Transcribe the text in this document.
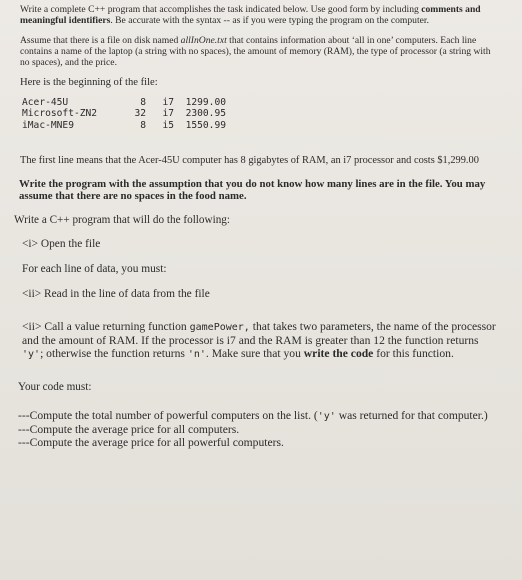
Write a complete C++ program that accomplishes the task indicated below. Use good form by including comments and meaningful identifiers. Be accurate with the syntax -- as if you were typing the program on the computer.

Assume that there is a file on disk named allInOne.txt that contains information about ‘all in one’ computers. Each line contains a name of the laptop (a string with no spaces), the amount of memory (RAM), the type of processor (a string with no spaces), and the price.

Here is the beginning of the file:

Acer-45U	8	i7	1299.00
Microsoft-ZN2	32	i7	2300.95
iMac-MNE9	8	i5	1550.99

The first line means that the Acer-45U computer has 8 gigabytes of RAM, an i7 processor and costs $1,299.00

Write the program with the assumption that you do not know how many lines are in the file. You may assume that there are no spaces in the food name.

Write a C++ program that will do the following:

<i> Open the file

For each line of data, you must:

<ii> Read in the line of data from the file

<ii> Call a value returning function gamePower, that takes two parameters, the name of the processor and the amount of RAM. If the processor is i7 and the RAM is greater than 12 the function returns 'y'; otherwise the function returns 'n'. Make sure that you write the code for this function.

Your code must:

---Compute the total number of powerful computers on the list. ('y' was returned for that computer.)

---Compute the average price for all computers.

---Compute the average price for all powerful computers.
